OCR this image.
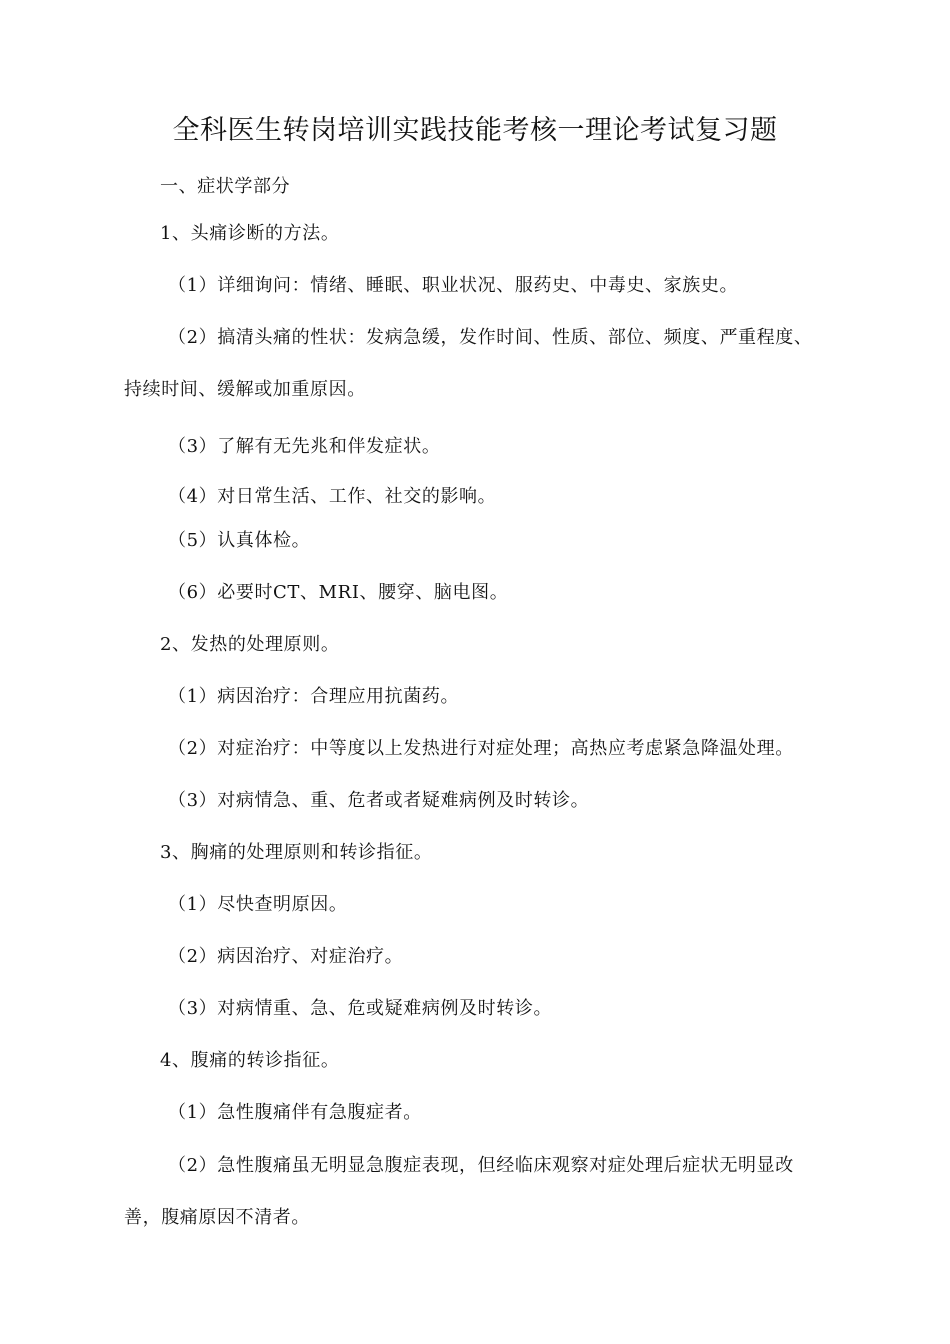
全科医生转岗培训实践技能考核一理论考试复习题
一、症状学部分
1、头痛诊断的方法。
（1）详细询问：情绪、睡眠、职业状况、服药史、中毒史、家族史。
（2）搞清头痛的性状：发病急缓，发作时间、性质、部位、频度、严重程度、
持续时间、缓解或加重原因。
（3）了解有无先兆和伴发症状。
（4）对日常生活、工作、社交的影响。
（5）认真体检。
（6）必要时CT、MRI、腰穿、脑电图。
2、发热的处理原则。
（1）病因治疗：合理应用抗菌药。
（2）对症治疗：中等度以上发热进行对症处理；高热应考虑紧急降温处理。
（3）对病情急、重、危者或者疑难病例及时转诊。
3、胸痛的处理原则和转诊指征。
（1）尽快查明原因。
（2）病因治疗、对症治疗。
（3）对病情重、急、危或疑难病例及时转诊。
4、腹痛的转诊指征。
（1）急性腹痛伴有急腹症者。
（2）急性腹痛虽无明显急腹症表现，但经临床观察对症处理后症状无明显改
善，腹痛原因不清者。
